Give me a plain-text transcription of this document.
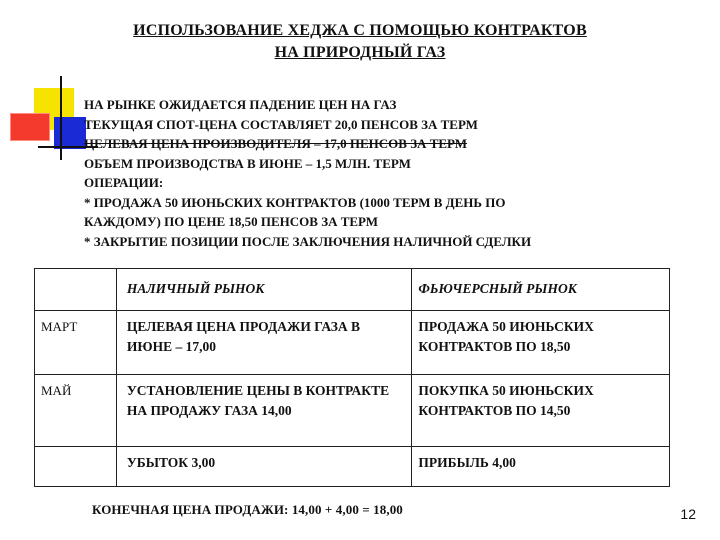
ИСПОЛЬЗОВАНИЕ ХЕДЖА С ПОМОЩЬЮ КОНТРАКТОВ
НА ПРИРОДНЫЙ ГАЗ
НА РЫНКЕ ОЖИДАЕТСЯ ПАДЕНИЕ ЦЕН НА ГАЗ
ТЕКУЩАЯ СПОТ-ЦЕНА СОСТАВЛЯЕТ 20,0 ПЕНСОВ ЗА ТЕРМ
ЦЕЛЕВАЯ ЦЕНА ПРОИЗВОДИТЕЛЯ – 17,0 ПЕНСОВ ЗА ТЕРМ
ОБЪЕМ ПРОИЗВОДСТВА В ИЮНЕ – 1,5 МЛН. ТЕРМ
ОПЕРАЦИИ:
* ПРОДАЖА 50 ИЮНЬСКИХ КОНТРАКТОВ (1000 ТЕРМ В ДЕНЬ ПО
КАЖДОМУ) ПО ЦЕНЕ 18,50 ПЕНСОВ ЗА ТЕРМ
* ЗАКРЫТИЕ ПОЗИЦИИ ПОСЛЕ ЗАКЛЮЧЕНИЯ НАЛИЧНОЙ СДЕЛКИ
	НАЛИЧНЫЙ РЫНОК	ФЬЮЧЕРСНЫЙ РЫНОК
МАРТ	ЦЕЛЕВАЯ ЦЕНА ПРОДАЖИ ГАЗА В ИЮНЕ – 17,00	ПРОДАЖА 50 ИЮНЬСКИХ КОНТРАКТОВ ПО 18,50
МАЙ	УСТАНОВЛЕНИЕ ЦЕНЫ В КОНТРАКТЕ НА ПРОДАЖУ ГАЗА 14,00	ПОКУПКА 50 ИЮНЬСКИХ КОНТРАКТОВ ПО 14,50
	УБЫТОК 3,00	ПРИБЫЛЬ 4,00
КОНЕЧНАЯ ЦЕНА ПРОДАЖИ: 14,00 + 4,00 = 18,00	12
